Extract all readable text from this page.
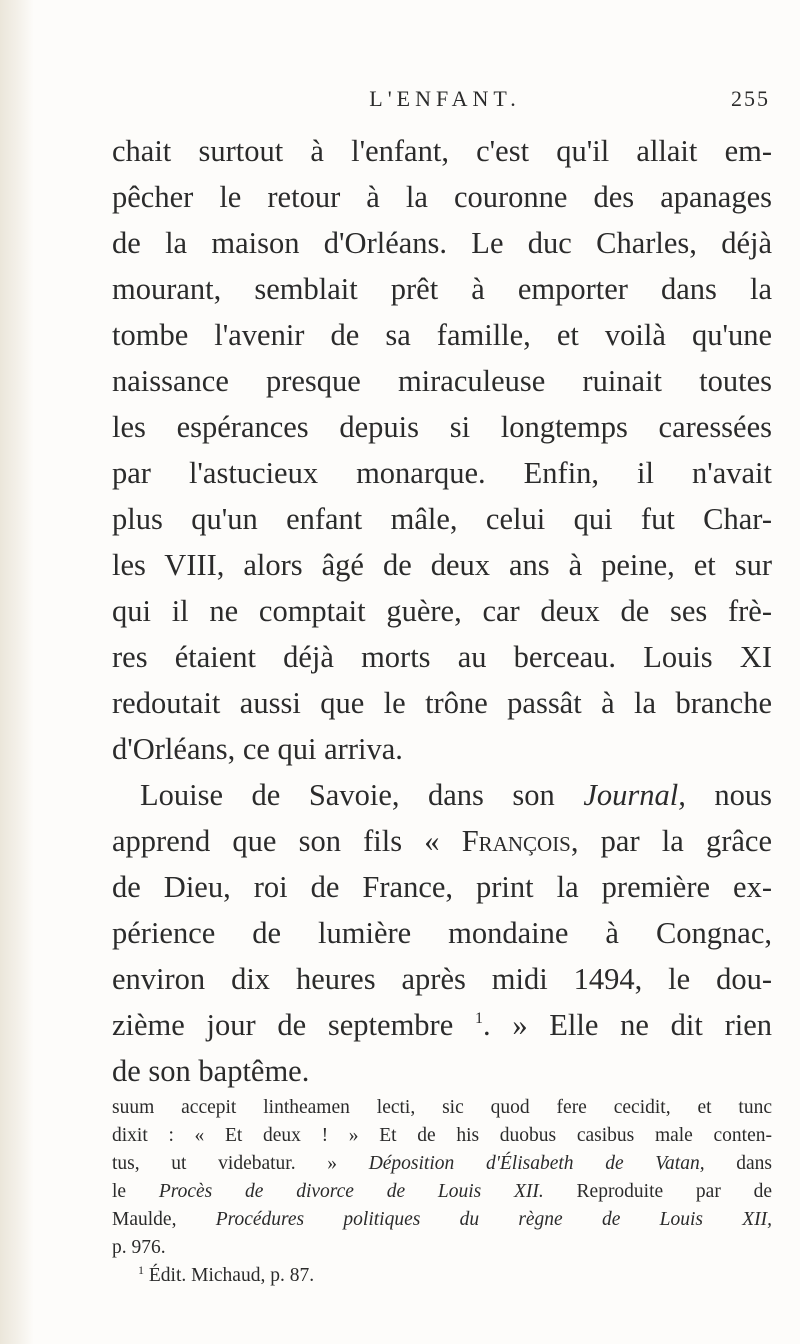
L'ENFANT.	255
chait surtout à l'enfant, c'est qu'il allait em-
pêcher le retour à la couronne des apanages
de la maison d'Orléans. Le duc Charles, déjà
mourant, semblait prêt à emporter dans la
tombe l'avenir de sa famille, et voilà qu'une
naissance presque miraculeuse ruinait toutes
les espérances depuis si longtemps caressées
par l'astucieux monarque. Enfin, il n'avait
plus qu'un enfant mâle, celui qui fut Char-
les VIII, alors âgé de deux ans à peine, et sur
qui il ne comptait guère, car deux de ses frè-
res étaient déjà morts au berceau. Louis XI
redoutait aussi que le trône passât à la branche
d'Orléans, ce qui arriva.
Louise de Savoie, dans son Journal, nous
apprend que son fils « François, par la grâce
de Dieu, roi de France, print la première ex-
périence de lumière mondaine à Congnac,
environ dix heures après midi 1494, le dou-
zième jour de septembre $^1$. » Elle ne dit rien
de son baptême.
suum accepit lintheamen lecti, sic quod fere cecidit, et tunc
dixit : « Et deux ! » Et de his duobus casibus male conten-
tus, ut videbatur. » Déposition d'Élisabeth de Vatan, dans
le Procès de divorce de Louis XII. Reproduite par de
Maulde, Procédures politiques du règne de Louis XII,
p. 976.
$^1$ Édit. Michaud, p. 87.
